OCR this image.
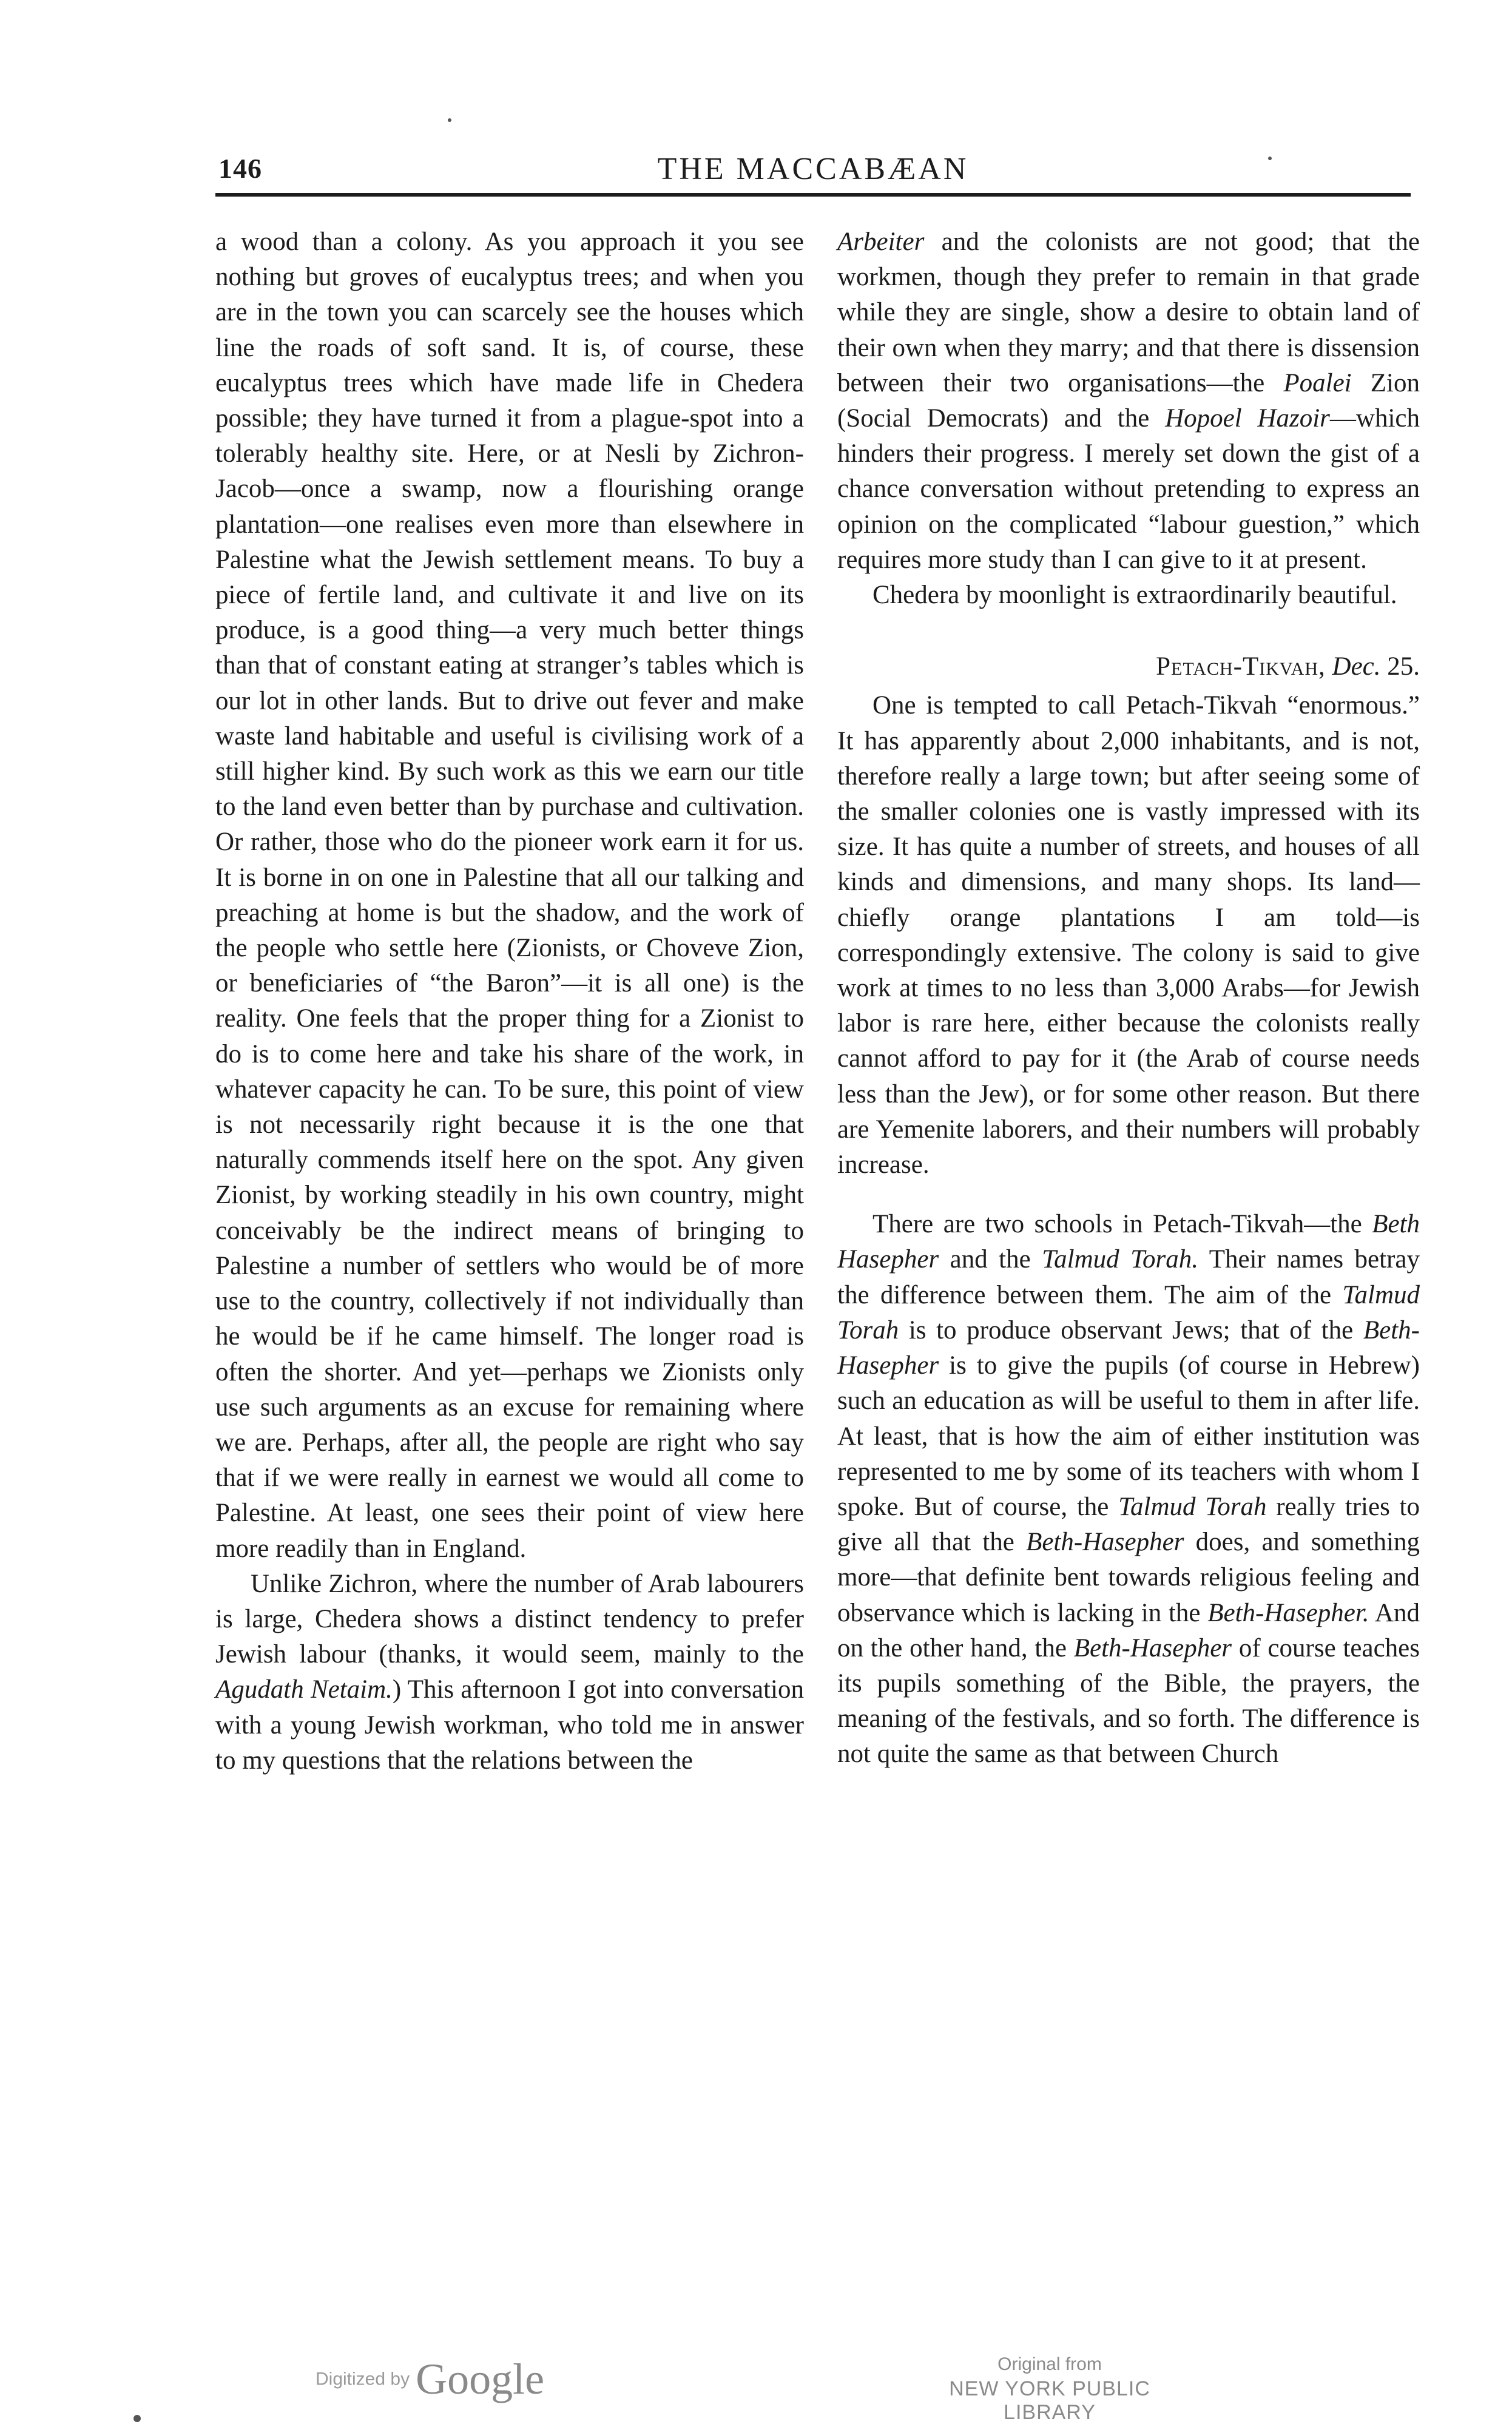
146	THE MACCABÆAN

a wood than a colony. As you approach it you see nothing but groves of eucalyptus trees; and when you are in the town you can scarcely see the houses which line the roads of soft sand. It is, of course, these eucalyptus trees which have made life in Chedera possible; they have turned it from a plague-spot into a tolerably healthy site. Here, or at Nesli by Zichron-Jacob—once a swamp, now a flourishing orange plantation—one realises even more than elsewhere in Palestine what the Jewish settlement means. To buy a piece of fertile land, and cultivate it and live on its produce, is a good thing—a very much better things than that of constant eating at stranger’s tables which is our lot in other lands. But to drive out fever and make waste land habitable and useful is civilising work of a still higher kind. By such work as this we earn our title to the land even better than by purchase and cultivation. Or rather, those who do the pioneer work earn it for us. It is borne in on one in Palestine that all our talking and preaching at home is but the shadow, and the work of the people who settle here (Zionists, or Choveve Zion, or beneficiaries of “the Baron”—it is all one) is the reality. One feels that the proper thing for a Zionist to do is to come here and take his share of the work, in whatever capacity he can. To be sure, this point of view is not necessarily right because it is the one that naturally commends itself here on the spot. Any given Zionist, by working steadily in his own country, might conceivably be the indirect means of bringing to Palestine a number of settlers who would be of more use to the country, collectively if not individually than he would be if he came himself. The longer road is often the shorter. And yet—perhaps we Zionists only use such arguments as an excuse for remaining where we are. Perhaps, after all, the people are right who say that if we were really in earnest we would all come to Palestine. At least, one sees their point of view here more readily than in England.

Unlike Zichron, where the number of Arab labourers is large, Chedera shows a distinct tendency to prefer Jewish labour (thanks, it would seem, mainly to the Agudath Netaim.) This afternoon I got into conversation with a young Jewish workman, who told me in answer to my questions that the relations between the

Arbeiter and the colonists are not good; that the workmen, though they prefer to remain in that grade while they are single, show a desire to obtain land of their own when they marry; and that there is dissension between their two organisations—the Poalei Zion (Social Democrats) and the Hopoel Hazoir—which hinders their progress. I merely set down the gist of a chance conversation without pretending to express an opinion on the complicated “labour guestion,” which requires more study than I can give to it at present.

Chedera by moonlight is extraordinarily beautiful.

Petach-Tikvah, Dec. 25.

One is tempted to call Petach-Tikvah “enormous.” It has apparently about 2,000 inhabitants, and is not, therefore really a large town; but after seeing some of the smaller colonies one is vastly impressed with its size. It has quite a number of streets, and houses of all kinds and dimensions, and many shops. Its land—chiefly orange plantations I am told—is correspondingly extensive. The colony is said to give work at times to no less than 3,000 Arabs—for Jewish labor is rare here, either because the colonists really cannot afford to pay for it (the Arab of course needs less than the Jew), or for some other reason. But there are Yemenite laborers, and their numbers will probably increase.

There are two schools in Petach-Tikvah—the Beth Hasepher and the Talmud Torah. Their names betray the difference between them. The aim of the Talmud Torah is to produce observant Jews; that of the Beth-Hasepher is to give the pupils (of course in Hebrew) such an education as will be useful to them in after life. At least, that is how the aim of either institution was represented to me by some of its teachers with whom I spoke. But of course, the Talmud Torah really tries to give all that the Beth-Hasepher does, and something more—that definite bent towards religious feeling and observance which is lacking in the Beth-Hasepher. And on the other hand, the Beth-Hasepher of course teaches its pupils something of the Bible, the prayers, the meaning of the festivals, and so forth. The difference is not quite the same as that between Church

Digitized by Google	Original from
NEW YORK PUBLIC LIBRARY
